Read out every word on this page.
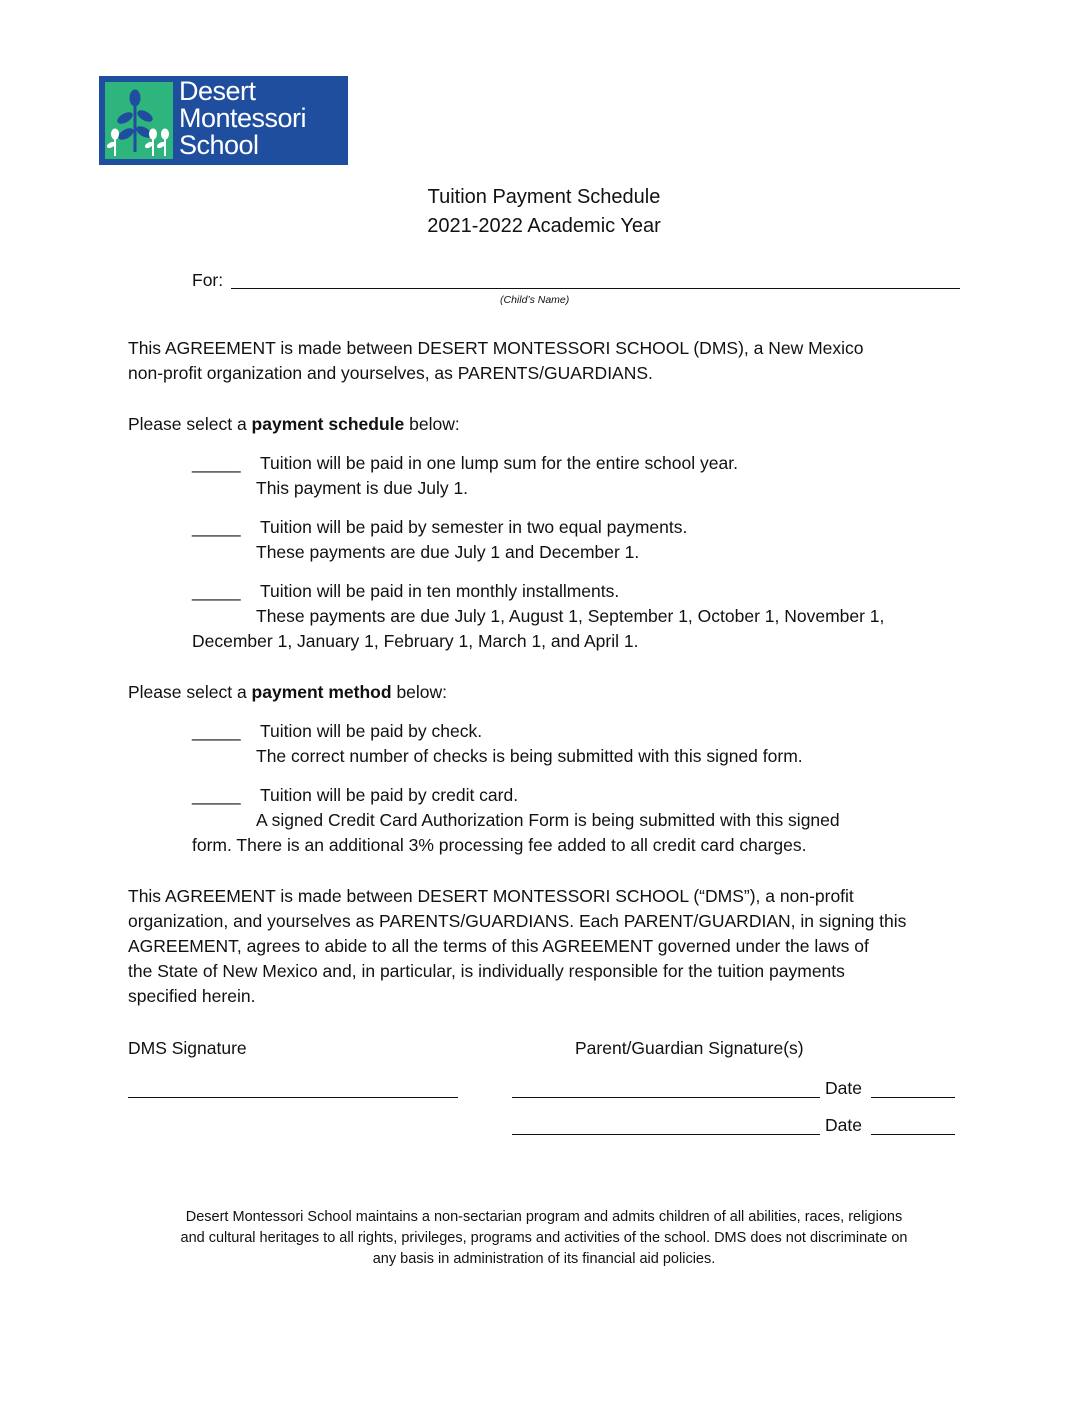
Desert
Montessori
School
Tuition Payment Schedule
2021-2022 Academic Year
For:
(Child’s Name)
This AGREEMENT is made between DESERT MONTESSORI SCHOOL (DMS), a New Mexico
non-profit organization and yourselves, as PARENTS/GUARDIANS.
Please select a payment schedule below:
_____ Tuition will be paid in one lump sum for the entire school year.
This payment is due July 1.
_____ Tuition will be paid by semester in two equal payments.
These payments are due July 1 and December 1.
_____ Tuition will be paid in ten monthly installments.
These payments are due July 1, August 1, September 1, October 1, November 1,
December 1, January 1, February 1, March 1, and April 1.
Please select a payment method below:
_____ Tuition will be paid by check.
The correct number of checks is being submitted with this signed form.
_____ Tuition will be paid by credit card.
A signed Credit Card Authorization Form is being submitted with this signed
form. There is an additional 3% processing fee added to all credit card charges.
This AGREEMENT is made between DESERT MONTESSORI SCHOOL (“DMS”), a non-profit
organization, and yourselves as PARENTS/GUARDIANS. Each PARENT/GUARDIAN, in signing this
AGREEMENT, agrees to abide to all the terms of this AGREEMENT governed under the laws of
the State of New Mexico and, in particular, is individually responsible for the tuition payments
specified herein.
DMS Signature	Parent/Guardian Signature(s)
Date
Date
Desert Montessori School maintains a non-sectarian program and admits children of all abilities, races, religions
and cultural heritages to all rights, privileges, programs and activities of the school. DMS does not discriminate on
any basis in administration of its financial aid policies.
